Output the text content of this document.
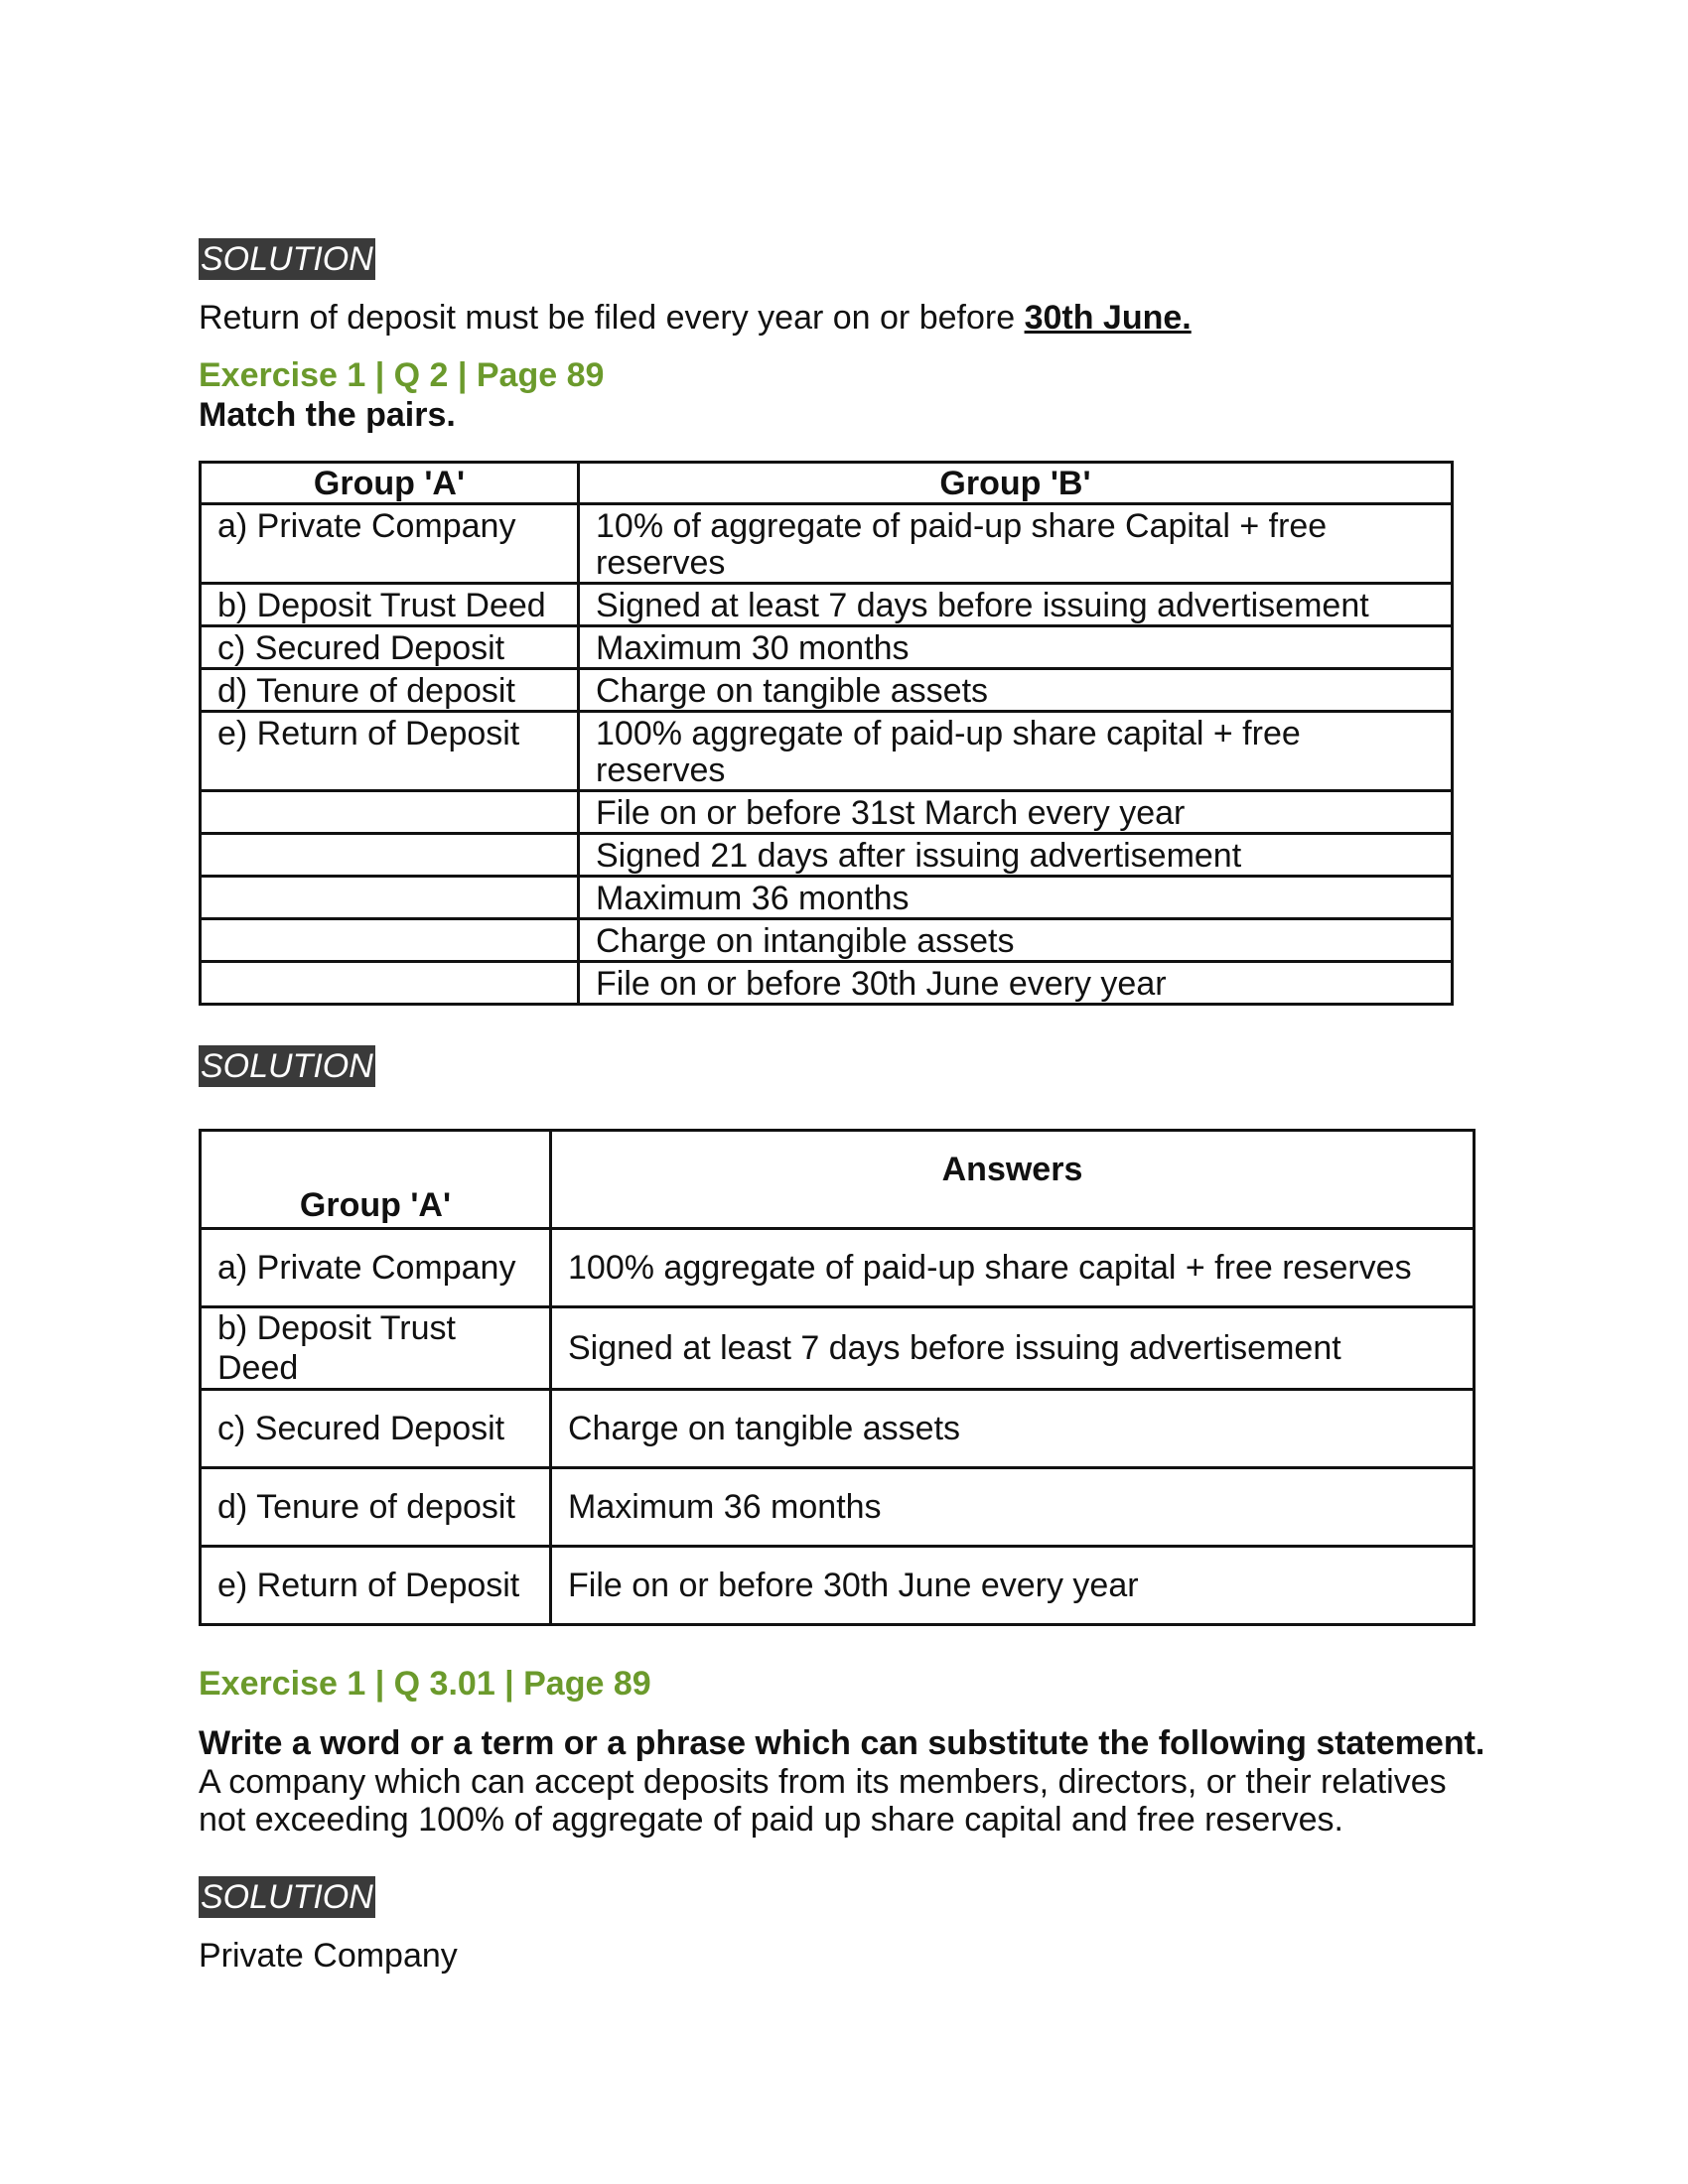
SOLUTION
Return of deposit must be filed every year on or before 30th June.
Exercise 1 | Q 2 | Page 89
Match the pairs.
Group 'A'	Group 'B'
a) Private Company	10% of aggregate of paid-up share Capital + free reserves
b) Deposit Trust Deed	Signed at least 7 days before issuing advertisement
c) Secured Deposit	Maximum 30 months
d) Tenure of deposit	Charge on tangible assets
e) Return of Deposit	100% aggregate of paid-up share capital + free reserves
	File on or before 31st March every year
	Signed 21 days after issuing advertisement
	Maximum 36 months
	Charge on intangible assets
	File on or before 30th June every year
SOLUTION
Group 'A'	Answers
a) Private Company	100% aggregate of paid-up share capital + free reserves
b) Deposit Trust Deed	Signed at least 7 days before issuing advertisement
c) Secured Deposit	Charge on tangible assets
d) Tenure of deposit	Maximum 36 months
e) Return of Deposit	File on or before 30th June every year
Exercise 1 | Q 3.01 | Page 89
Write a word or a term or a phrase which can substitute the following statement.
A company which can accept deposits from its members, directors, or their relatives not exceeding 100% of aggregate of paid up share capital and free reserves.
SOLUTION
Private Company
